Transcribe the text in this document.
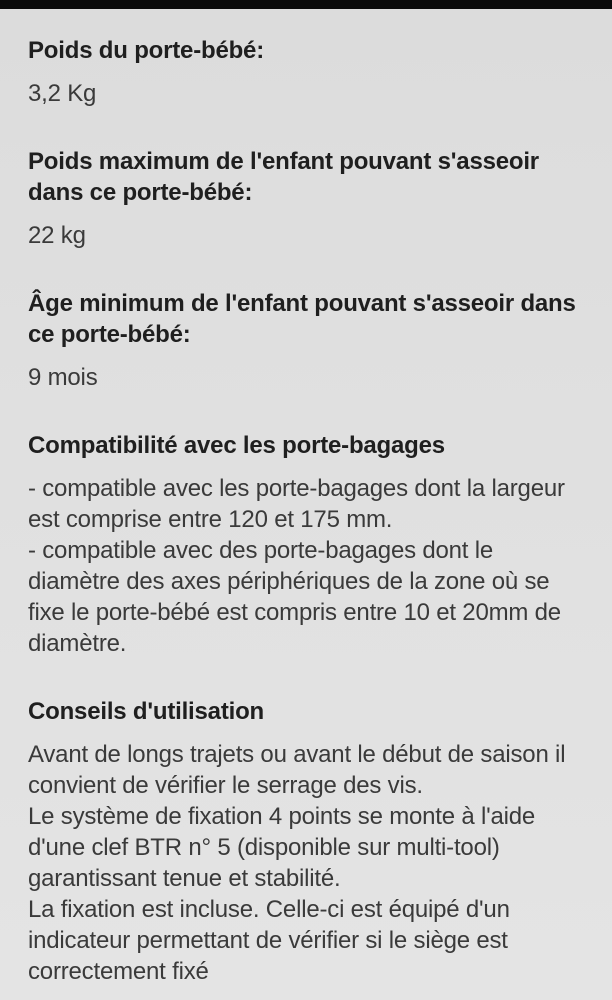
Poids du porte-bébé:

3,2 Kg

Poids maximum de l'enfant pouvant s'asseoir dans ce porte-bébé:

22 kg

Âge minimum de l'enfant pouvant s'asseoir dans ce porte-bébé:

9 mois

Compatibilité avec les porte-bagages

- compatible avec les porte-bagages dont la largeur est comprise entre 120 et 175 mm.

- compatible avec des porte-bagages dont le diamètre des axes périphériques de la zone où se fixe le porte-bébé est compris entre 10 et 20mm de diamètre.

Conseils d'utilisation

Avant de longs trajets ou avant le début de saison il convient de vérifier le serrage des vis.

Le système de fixation 4 points se monte à l'aide d'une clef BTR n° 5 (disponible sur multi-tool) garantissant tenue et stabilité.

La fixation est incluse. Celle-ci est équipé d'un indicateur permettant de vérifier si le siège est correctement fixé
